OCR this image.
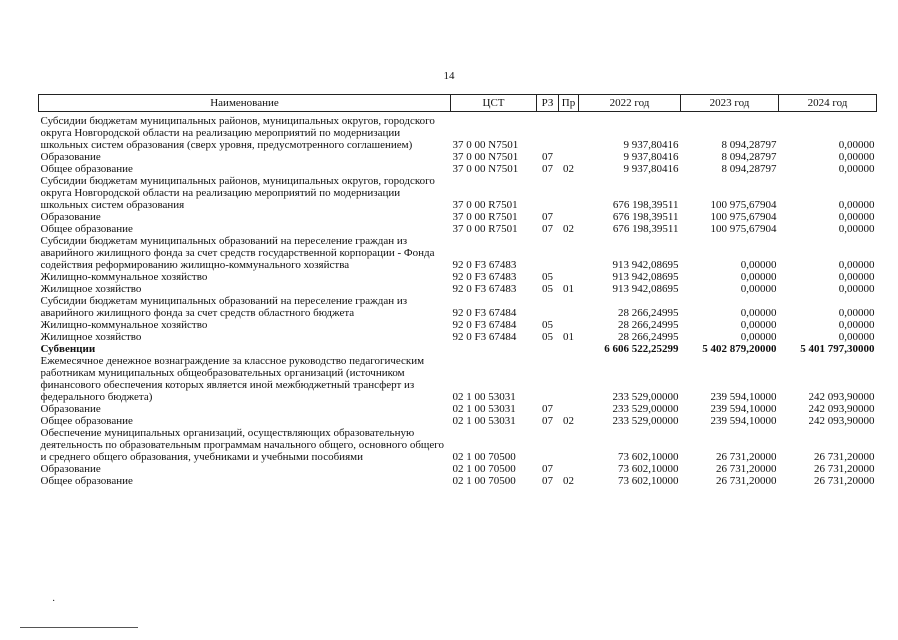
14
Наименование	ЦСТ	РЗ	Пр	2022 год	2023 год	2024 год
Субсидии бюджетам муниципальных районов, муниципальных округов, городского округа Новгородской области на реализацию мероприятий по модернизации школьных систем образования (сверх уровня, предусмотренного соглашением)	37 0 00 N7501			9 937,80416	8 094,28797	0,00000
Образование	37 0 00 N7501	07		9 937,80416	8 094,28797	0,00000
Общее образование	37 0 00 N7501	07	02	9 937,80416	8 094,28797	0,00000
Субсидии бюджетам муниципальных районов, муниципальных округов, городского округа Новгородской области на реализацию мероприятий по модернизации школьных систем образования	37 0 00 R7501			676 198,39511	100 975,67904	0,00000
Образование	37 0 00 R7501	07		676 198,39511	100 975,67904	0,00000
Общее образование	37 0 00 R7501	07	02	676 198,39511	100 975,67904	0,00000
Субсидии бюджетам муниципальных образований на переселение граждан из аварийного жилищного фонда за счет средств государственной корпорации - Фонда содействия реформированию жилищно-коммунального хозяйства	92 0 F3 67483			913 942,08695	0,00000	0,00000
Жилищно-коммунальное хозяйство	92 0 F3 67483	05		913 942,08695	0,00000	0,00000
Жилищное хозяйство	92 0 F3 67483	05	01	913 942,08695	0,00000	0,00000
Субсидии бюджетам муниципальных образований на переселение граждан из аварийного жилищного фонда за счет средств областного бюджета	92 0 F3 67484			28 266,24995	0,00000	0,00000
Жилищно-коммунальное хозяйство	92 0 F3 67484	05		28 266,24995	0,00000	0,00000
Жилищное хозяйство	92 0 F3 67484	05	01	28 266,24995	0,00000	0,00000
Субвенции				6 606 522,25299	5 402 879,20000	5 401 797,30000
Ежемесячное денежное вознаграждение за классное руководство педагогическим работникам муниципальных общеобразовательных организаций (источником финансового обеспечения которых является иной межбюджетный трансферт из федерального бюджета)	02 1 00 53031			233 529,00000	239 594,10000	242 093,90000
Образование	02 1 00 53031	07		233 529,00000	239 594,10000	242 093,90000
Общее образование	02 1 00 53031	07	02	233 529,00000	239 594,10000	242 093,90000
Обеспечение муниципальных организаций, осуществляющих образовательную деятельность по образовательным программам начального общего, основного общего и среднего общего образования, учебниками и учебными пособиями	02 1 00 70500			73 602,10000	26 731,20000	26 731,20000
Образование	02 1 00 70500	07		73 602,10000	26 731,20000	26 731,20000
Общее образование	02 1 00 70500	07	02	73 602,10000	26 731,20000	26 731,20000
·
